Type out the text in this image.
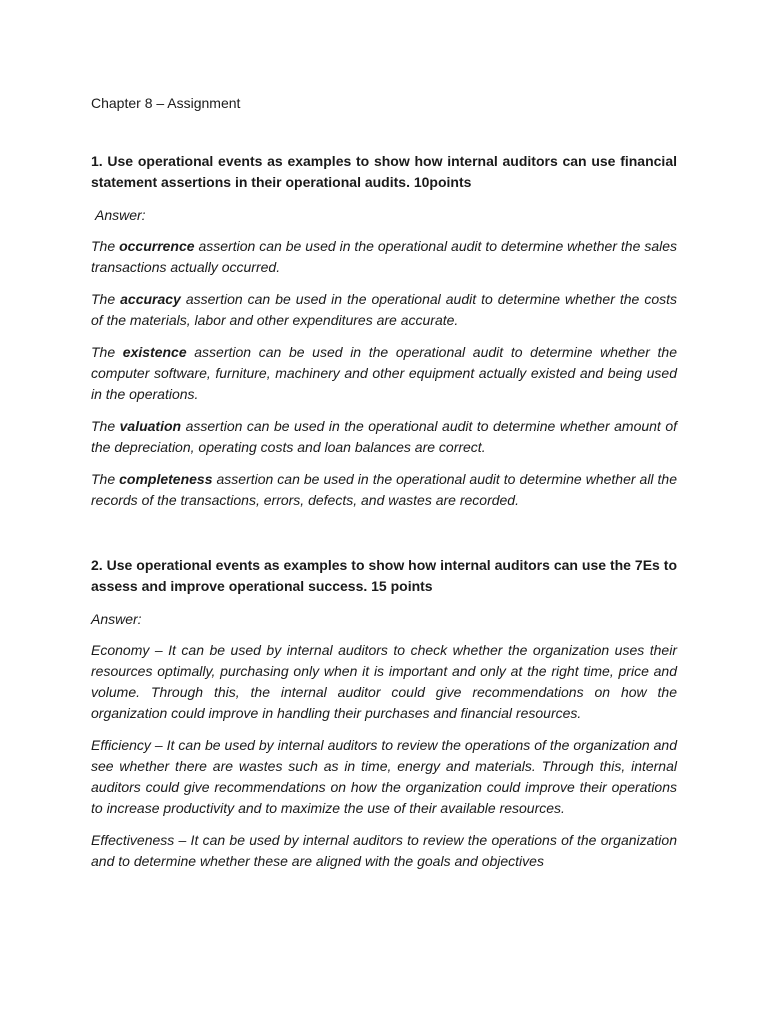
Chapter 8 – Assignment

1. Use operational events as examples to show how internal auditors can use financial statement assertions in their operational audits. 10points

Answer:

The occurrence assertion can be used in the operational audit to determine whether the sales transactions actually occurred.

The accuracy assertion can be used in the operational audit to determine whether the costs of the materials, labor and other expenditures are accurate.

The existence assertion can be used in the operational audit to determine whether the computer software, furniture, machinery and other equipment actually existed and being used in the operations.

The valuation assertion can be used in the operational audit to determine whether amount of the depreciation, operating costs and loan balances are correct.

The completeness assertion can be used in the operational audit to determine whether all the records of the transactions, errors, defects, and wastes are recorded.

2. Use operational events as examples to show how internal auditors can use the 7Es to assess and improve operational success. 15 points

Answer:

Economy – It can be used by internal auditors to check whether the organization uses their resources optimally, purchasing only when it is important and only at the right time, price and volume. Through this, the internal auditor could give recommendations on how the organization could improve in handling their purchases and financial resources.

Efficiency – It can be used by internal auditors to review the operations of the organization and see whether there are wastes such as in time, energy and materials. Through this, internal auditors could give recommendations on how the organization could improve their operations to increase productivity and to maximize the use of their available resources.

Effectiveness – It can be used by internal auditors to review the operations of the organization and to determine whether these are aligned with the goals and objectives
